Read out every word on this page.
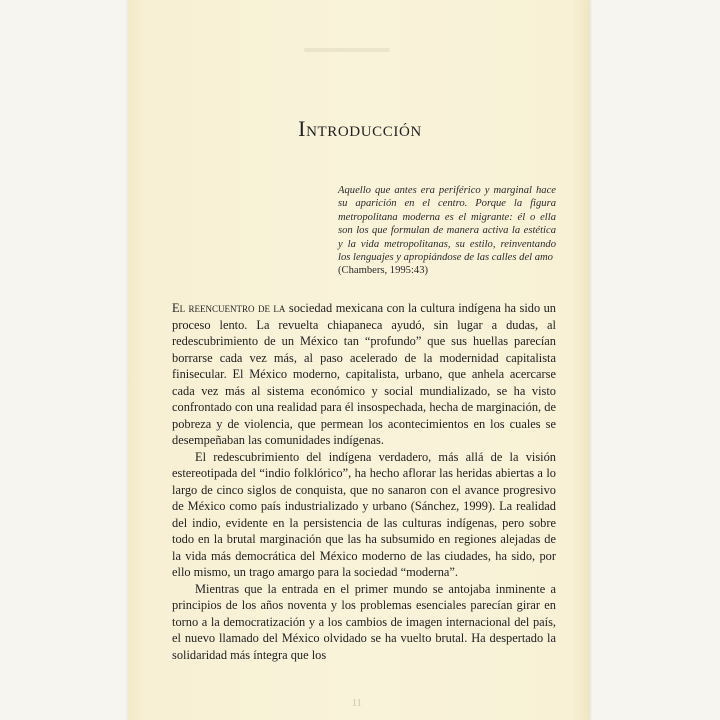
Introducción
Aquello que antes era periférico y marginal hace su aparición en el centro. Porque la figura metropolitana moderna es el migrante: él o ella son los que formulan de manera activa la estética y la vida metropolitanas, su estilo, reinventando los lenguajes y apropiándose de las calles del amo
(Chambers, 1995:43)

El reencuentro de la sociedad mexicana con la cultura indígena ha sido un proceso lento. La revuelta chiapaneca ayudó, sin lugar a dudas, al redescubrimiento de un México tan “profundo” que sus huellas parecían borrarse cada vez más, al paso acelerado de la modernidad capitalista finisecular. El México moderno, capitalista, urbano, que anhela acercarse cada vez más al sistema económico y social mundializado, se ha visto confrontado con una realidad para él insospechada, hecha de marginación, de pobreza y de violencia, que permean los acontecimientos en los cuales se desempeñaban las comunidades indígenas.

El redescubrimiento del indígena verdadero, más allá de la visión estereotipada del “indio folklórico”, ha hecho aflorar las heridas abiertas a lo largo de cinco siglos de conquista, que no sanaron con el avance progresivo de México como país industrializado y urbano (Sánchez, 1999). La realidad del indio, evidente en la persistencia de las culturas indígenas, pero sobre todo en la brutal marginación que las ha subsumido en regiones alejadas de la vida más democrática del México moderno de las ciudades, ha sido, por ello mismo, un trago amargo para la sociedad “moderna”.

Mientras que la entrada en el primer mundo se antojaba inminente a principios de los años noventa y los problemas esenciales parecían girar en torno a la democratización y a los cambios de imagen internacional del país, el nuevo llamado del México olvidado se ha vuelto brutal. Ha despertado la solidaridad más íntegra que los

11
